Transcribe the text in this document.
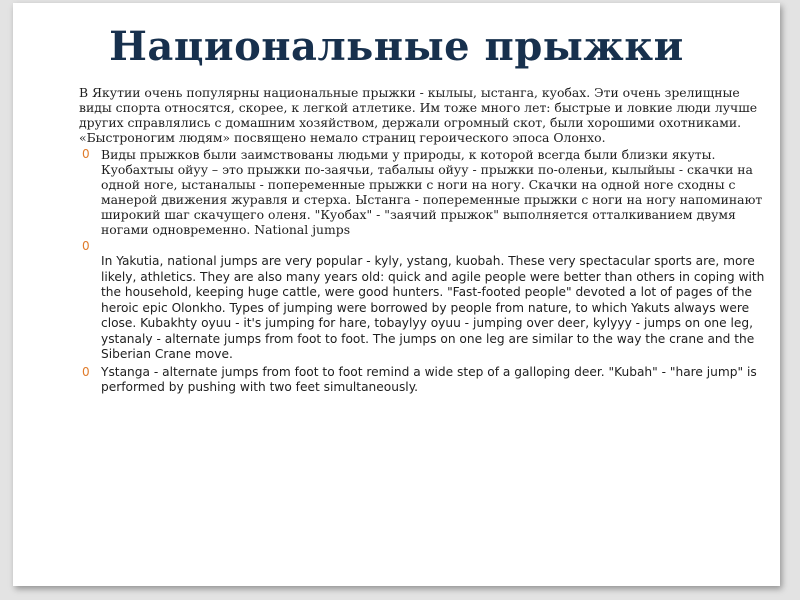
Национальные прыжки

В Якутии очень популярны национальные прыжки - кылыы, ыстанга, куобах. Эти очень зрелищные виды спорта относятся, скорее, к легкой атлетике. Им тоже много лет: быстрые и ловкие люди лучше других справлялись с домашним хозяйством, держали огромный скот, были хорошими охотниками. «Быстроногим людям» посвящено немало страниц героического эпоса Олонхо.

0 Виды прыжков были заимствованы людьми у природы, к которой всегда были близки якуты. Куобахтыы ойуу – это прыжки по-заячьи, табалыы ойуу - прыжки по-оленьи, кылыйыы - скачки на одной ноге, ыстаналыы - попеременные прыжки с ноги на ногу. Скачки на одной ноге сходны с манерой движения журавля и стерха. Ыстанга - попеременные прыжки с ноги на ногу напоминают широкий шаг скачущего оленя. "Куобах" - "заячий прыжок" выполняется отталкиванием двумя ногами одновременно. National jumps
0
In Yakutia, national jumps are very popular - kyly, ystang, kuobah. These very spectacular sports are, more likely, athletics. They are also many years old: quick and agile people were better than others in coping with the household, keeping huge cattle, were good hunters. "Fast-footed people" devoted a lot of pages of the heroic epic Olonkho. Types of jumping were borrowed by people from nature, to which Yakuts always were close. Kubakhty oyuu - it's jumping for hare, tobaylyy oyuu - jumping over deer, kylyyy - jumps on one leg, ystanaly - alternate jumps from foot to foot. The jumps on one leg are similar to the way the crane and the Siberian Crane move.
0 Ystanga - alternate jumps from foot to foot remind a wide step of a galloping deer. "Kubah" - "hare jump" is performed by pushing with two feet simultaneously.
